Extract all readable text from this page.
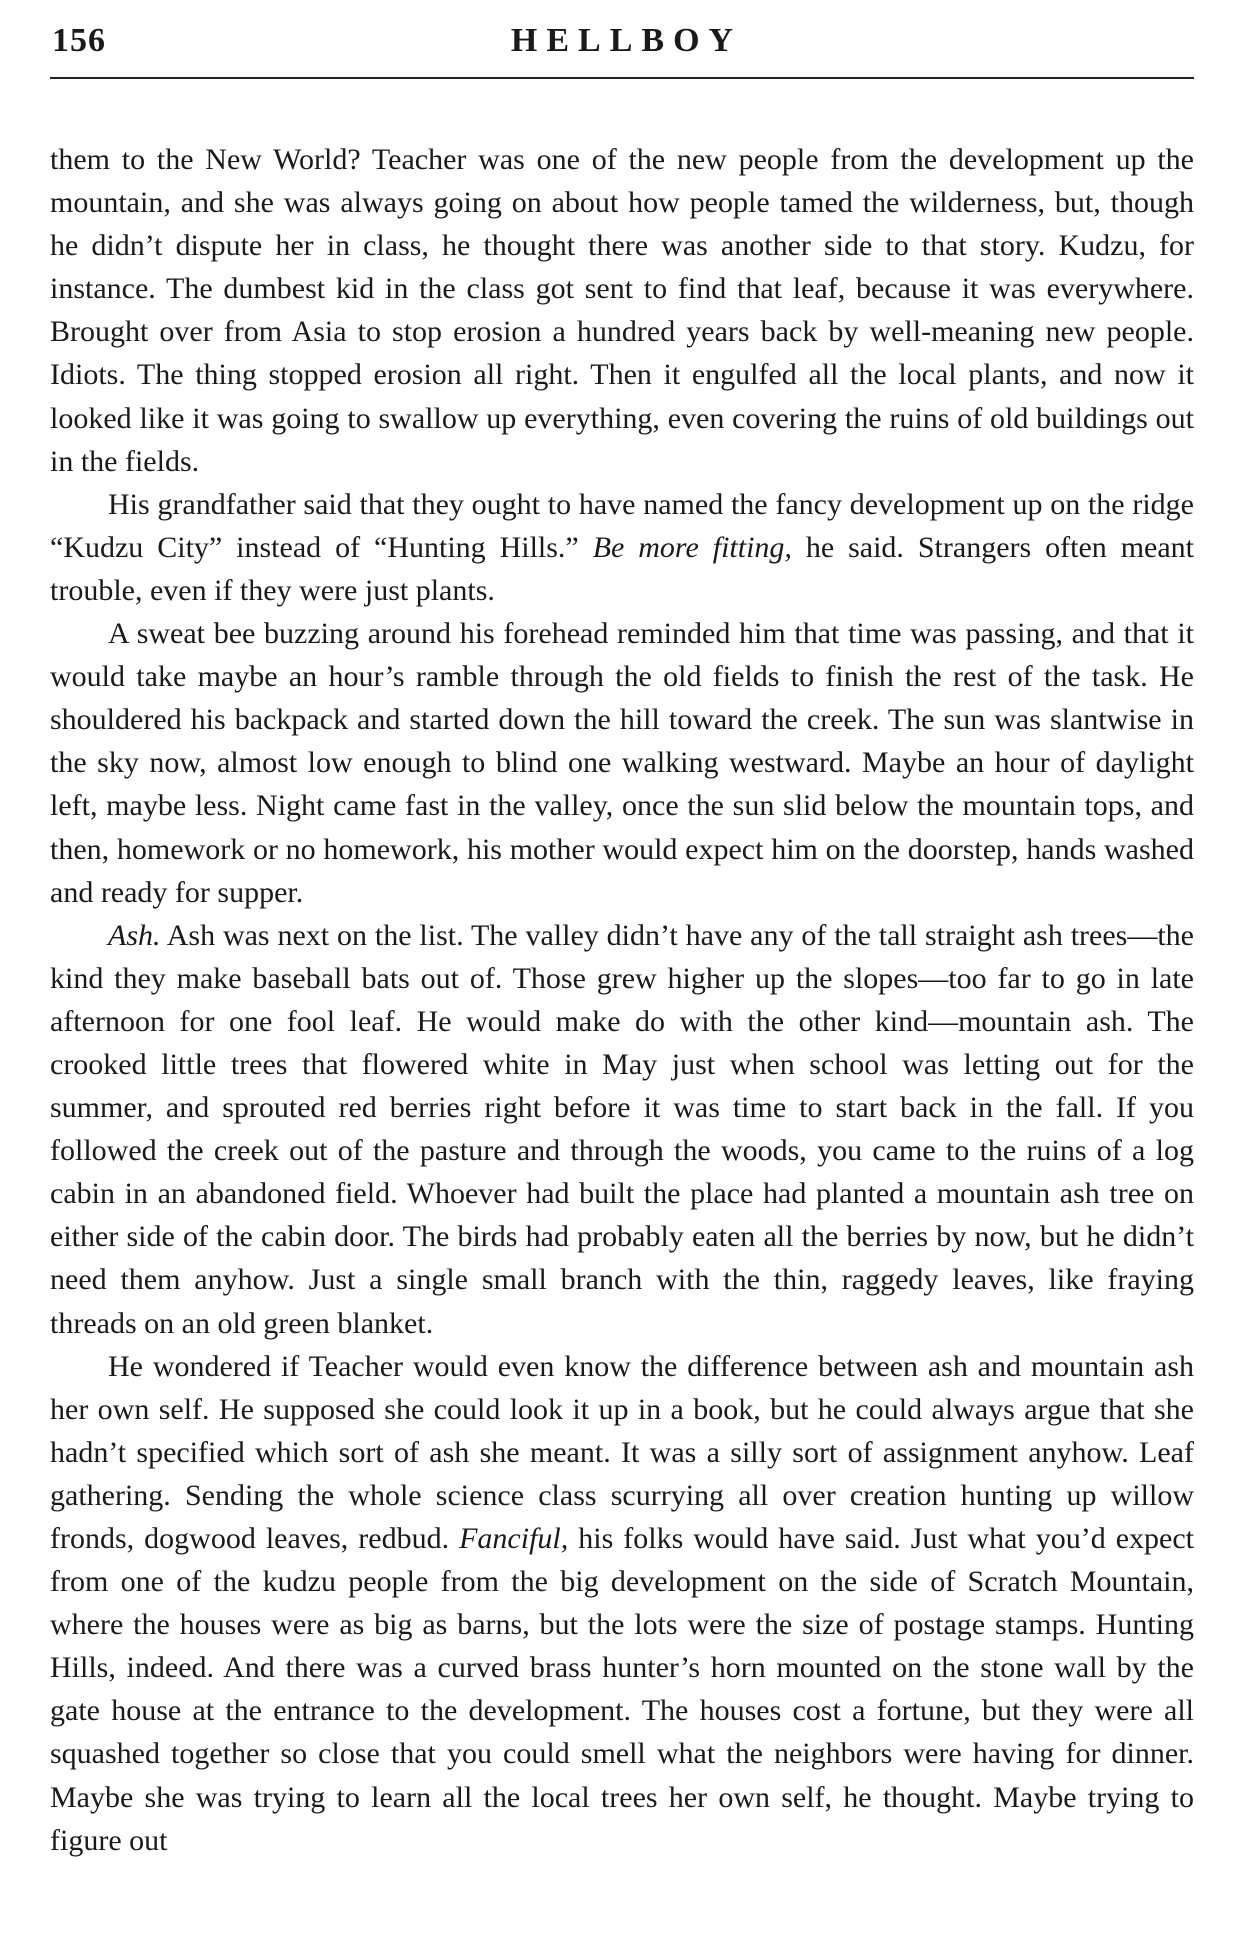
156	HELLBOY

them to the New World? Teacher was one of the new people from the development up the mountain, and she was always going on about how people tamed the wilderness, but, though he didn’t dispute her in class, he thought there was another side to that story. Kudzu, for instance. The dumbest kid in the class got sent to find that leaf, because it was everywhere. Brought over from Asia to stop erosion a hundred years back by well-meaning new people. Idiots. The thing stopped erosion all right. Then it engulfed all the local plants, and now it looked like it was going to swallow up everything, even covering the ruins of old buildings out in the fields.

His grandfather said that they ought to have named the fancy development up on the ridge “Kudzu City” instead of “Hunting Hills.” Be more fitting, he said. Strangers often meant trouble, even if they were just plants.

A sweat bee buzzing around his forehead reminded him that time was passing, and that it would take maybe an hour’s ramble through the old fields to finish the rest of the task. He shouldered his backpack and started down the hill toward the creek. The sun was slantwise in the sky now, almost low enough to blind one walking westward. Maybe an hour of daylight left, maybe less. Night came fast in the valley, once the sun slid below the mountain tops, and then, homework or no homework, his mother would expect him on the doorstep, hands washed and ready for supper.

Ash. Ash was next on the list. The valley didn’t have any of the tall straight ash trees—the kind they make baseball bats out of. Those grew higher up the slopes—too far to go in late afternoon for one fool leaf. He would make do with the other kind—mountain ash. The crooked little trees that flowered white in May just when school was letting out for the summer, and sprouted red berries right before it was time to start back in the fall. If you followed the creek out of the pasture and through the woods, you came to the ruins of a log cabin in an abandoned field. Whoever had built the place had planted a mountain ash tree on either side of the cabin door. The birds had probably eaten all the berries by now, but he didn’t need them anyhow. Just a single small branch with the thin, raggedy leaves, like fraying threads on an old green blanket.

He wondered if Teacher would even know the difference between ash and mountain ash her own self. He supposed she could look it up in a book, but he could always argue that she hadn’t specified which sort of ash she meant. It was a silly sort of assignment anyhow. Leaf gathering. Sending the whole science class scurrying all over creation hunting up willow fronds, dogwood leaves, redbud. Fanciful, his folks would have said. Just what you’d expect from one of the kudzu people from the big development on the side of Scratch Mountain, where the houses were as big as barns, but the lots were the size of postage stamps. Hunting Hills, indeed. And there was a curved brass hunter’s horn mounted on the stone wall by the gate house at the entrance to the development. The houses cost a fortune, but they were all squashed together so close that you could smell what the neighbors were having for dinner. Maybe she was trying to learn all the local trees her own self, he thought. Maybe trying to figure out
